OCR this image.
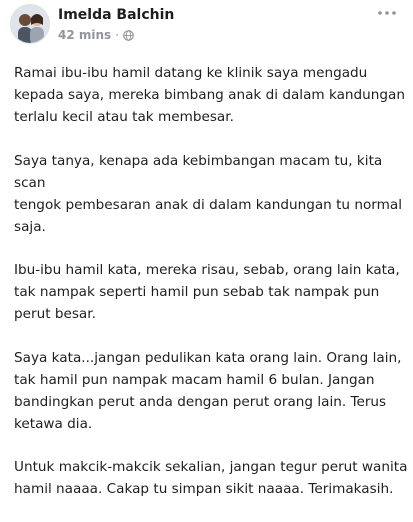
Imelda Balchin
42 mins ·

Ramai ibu-ibu hamil datang ke klinik saya mengadu
kepada saya, mereka bimbang anak di dalam kandungan
terlalu kecil atau tak membesar.

Saya tanya, kenapa ada kebimbangan macam tu, kita scan
tengok pembesaran anak di dalam kandungan tu normal
saja.

Ibu-ibu hamil kata, mereka risau, sebab, orang lain kata,
tak nampak seperti hamil pun sebab tak nampak pun
perut besar.

Saya kata...jangan pedulikan kata orang lain. Orang lain,
tak hamil pun nampak macam hamil 6 bulan. Jangan
bandingkan perut anda dengan perut orang lain. Terus
ketawa dia.

Untuk makcik-makcik sekalian, jangan tegur perut wanita
hamil naaaa. Cakap tu simpan sikit naaaa. Terimakasih.
